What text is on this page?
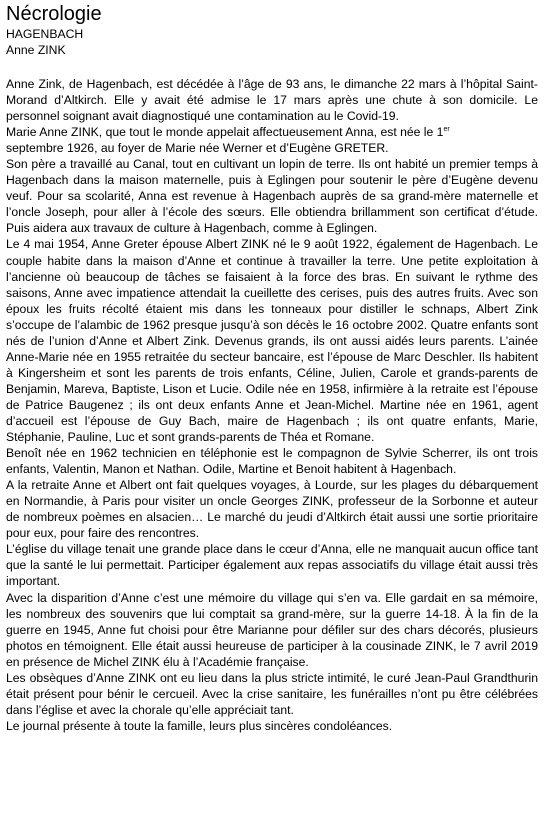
Nécrologie

HAGENBACH

Anne ZINK

Anne Zink, de Hagenbach, est décédée à l’âge de 93 ans, le dimanche 22 mars à l’hôpital Saint-Morand d’Altkirch. Elle y avait été admise le 17 mars après une chute à son domicile. Le personnel soignant avait diagnostiqué une contamination au le Covid-19.

Marie Anne ZINK, que tout le monde appelait affectueusement Anna, est née le 1er

septembre 1926, au foyer de Marie née Werner et d’Eugène GRETER.

Son père a travaillé au Canal, tout en cultivant un lopin de terre. Ils ont habité un premier temps à Hagenbach dans la maison maternelle, puis à Eglingen pour soutenir le père d’Eugène devenu veuf. Pour sa scolarité, Anna est revenue à Hagenbach auprès de sa grand-mère maternelle et l’oncle Joseph, pour aller à l’école des sœurs. Elle obtiendra brillamment son certificat d’étude. Puis aidera aux travaux de culture à Hagenbach, comme à Eglingen.

Le 4 mai 1954, Anne Greter épouse Albert ZINK né le 9 août 1922, également de Hagenbach. Le couple habite dans la maison d’Anne et continue à travailler la terre. Une petite exploitation à l’ancienne où beaucoup de tâches se faisaient à la force des bras. En suivant le rythme des saisons, Anne avec impatience attendait la cueillette des cerises, puis des autres fruits. Avec son époux les fruits récolté étaient mis dans les tonneaux pour distiller le schnaps, Albert Zink s’occupe de l’alambic de 1962 presque jusqu’à son décès le 16 octobre 2002. Quatre enfants sont nés de l’union d’Anne et Albert Zink. Devenus grands, ils ont aussi aidés leurs parents. L’ainée Anne-Marie née en 1955 retraitée du secteur bancaire, est l’épouse de Marc Deschler. Ils habitent à Kingersheim et sont les parents de trois enfants, Céline, Julien, Carole et grands-parents de Benjamin, Mareva, Baptiste, Lison et Lucie. Odile née en 1958, infirmière à la retraite est l’épouse de Patrice Baugenez ; ils ont deux enfants Anne et Jean-Michel. Martine née en 1961, agent d’accueil est l’épouse de Guy Bach, maire de Hagenbach ; ils ont quatre enfants, Marie, Stéphanie, Pauline, Luc et sont grands-parents de Théa et Romane.

Benoît née en 1962 technicien en téléphonie est le compagnon de Sylvie Scherrer, ils ont trois enfants, Valentin, Manon et Nathan. Odile, Martine et Benoit habitent à Hagenbach.

A la retraite Anne et Albert ont fait quelques voyages, à Lourde, sur les plages du débarquement en Normandie, à Paris pour visiter un oncle Georges ZINK, professeur de la Sorbonne et auteur de nombreux poèmes en alsacien… Le marché du jeudi d’Altkirch était aussi une sortie prioritaire pour eux, pour faire des rencontres.

L’église du village tenait une grande place dans le cœur d’Anna, elle ne manquait aucun office tant que la santé le lui permettait. Participer également aux repas associatifs du village était aussi très important.

Avec la disparition d’Anne c’est une mémoire du village qui s’en va. Elle gardait en sa mémoire, les nombreux des souvenirs que lui comptait sa grand-mère, sur la guerre 14-18. À la fin de la guerre en 1945, Anne fut choisi pour être Marianne pour défiler sur des chars décorés, plusieurs photos en témoignent. Elle était aussi heureuse de participer à la cousinade ZINK, le 7 avril 2019 en présence de Michel ZINK élu à l’Académie française.

Les obsèques d’Anne ZINK ont eu lieu dans la plus stricte intimité, le curé Jean-Paul Grandthurin était présent pour bénir le cercueil. Avec la crise sanitaire, les funérailles n’ont pu être célébrées dans l’église et avec la chorale qu’elle appréciait tant.

Le journal présente à toute la famille, leurs plus sincères condoléances.
